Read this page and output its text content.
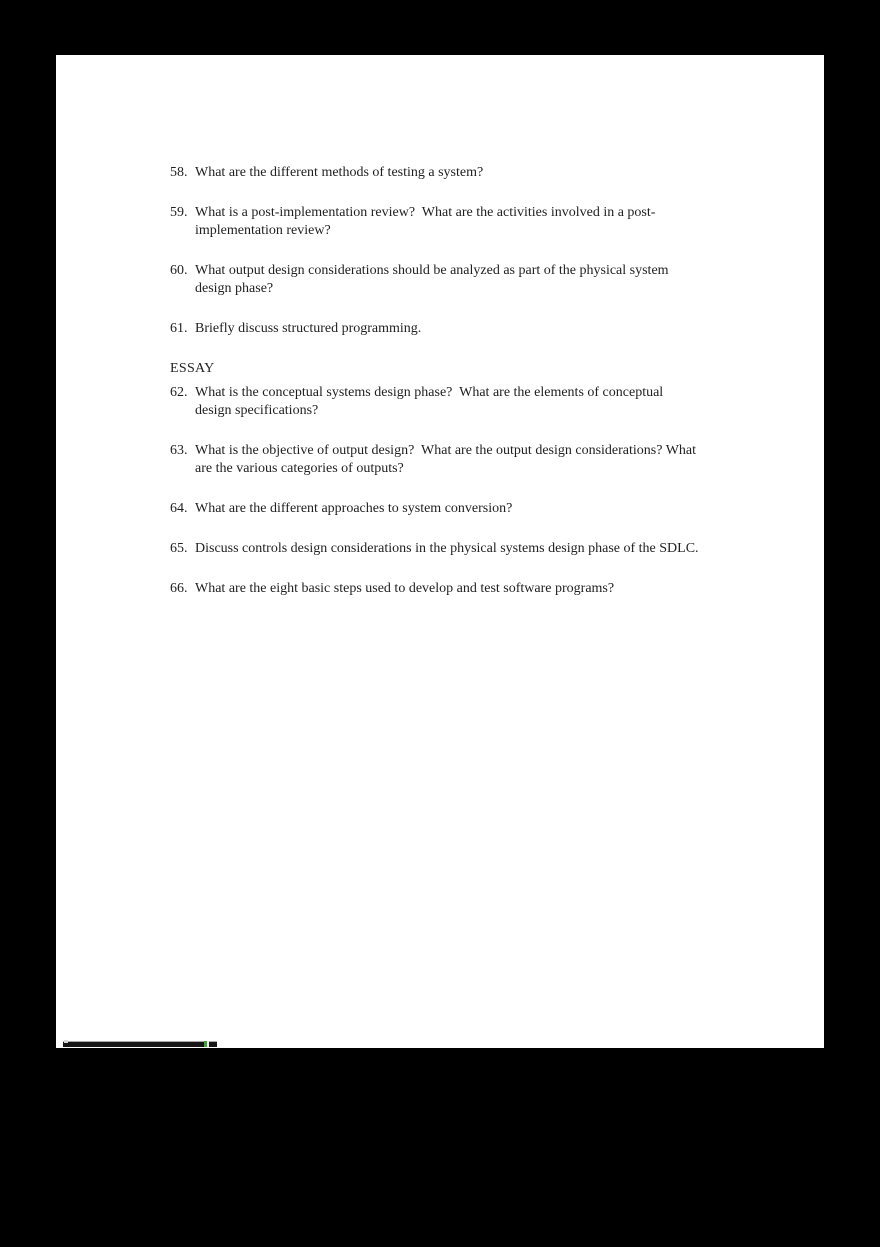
58. What are the different methods of testing a system?
59. What is a post-implementation review?  What are the activities involved in a post-implementation review?
60. What output design considerations should be analyzed as part of the physical system design phase?
61. Briefly discuss structured programming.
ESSAY
62. What is the conceptual systems design phase?  What are the elements of conceptual design specifications?
63. What is the objective of output design?  What are the output design considerations? What are the various categories of outputs?
64. What are the different approaches to system conversion?
65. Discuss controls design considerations in the physical systems design phase of the SDLC.
66. What are the eight basic steps used to develop and test software programs?
